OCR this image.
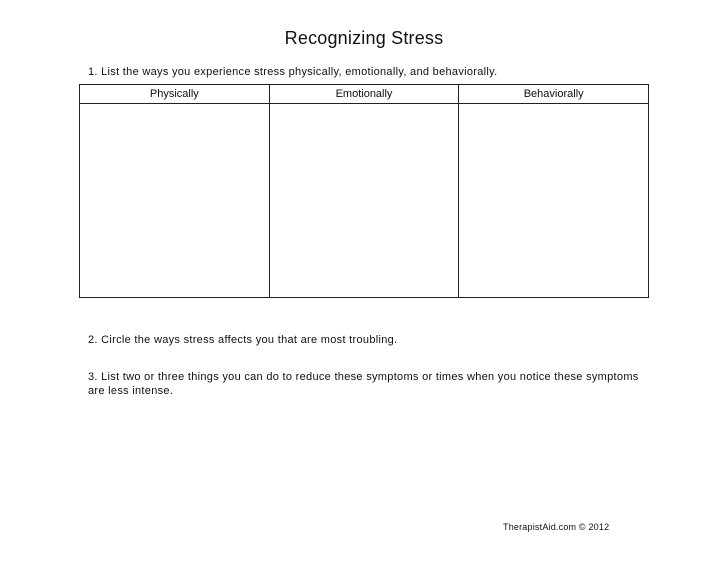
Recognizing Stress
1. List the ways you experience stress physically, emotionally, and behaviorally.
Physically	Emotionally	Behaviorally
2. Circle the ways stress affects you that are most troubling.
3. List two or three things you can do to reduce these symptoms or times when you notice these symptoms are less intense.
TherapistAid.com © 2012
